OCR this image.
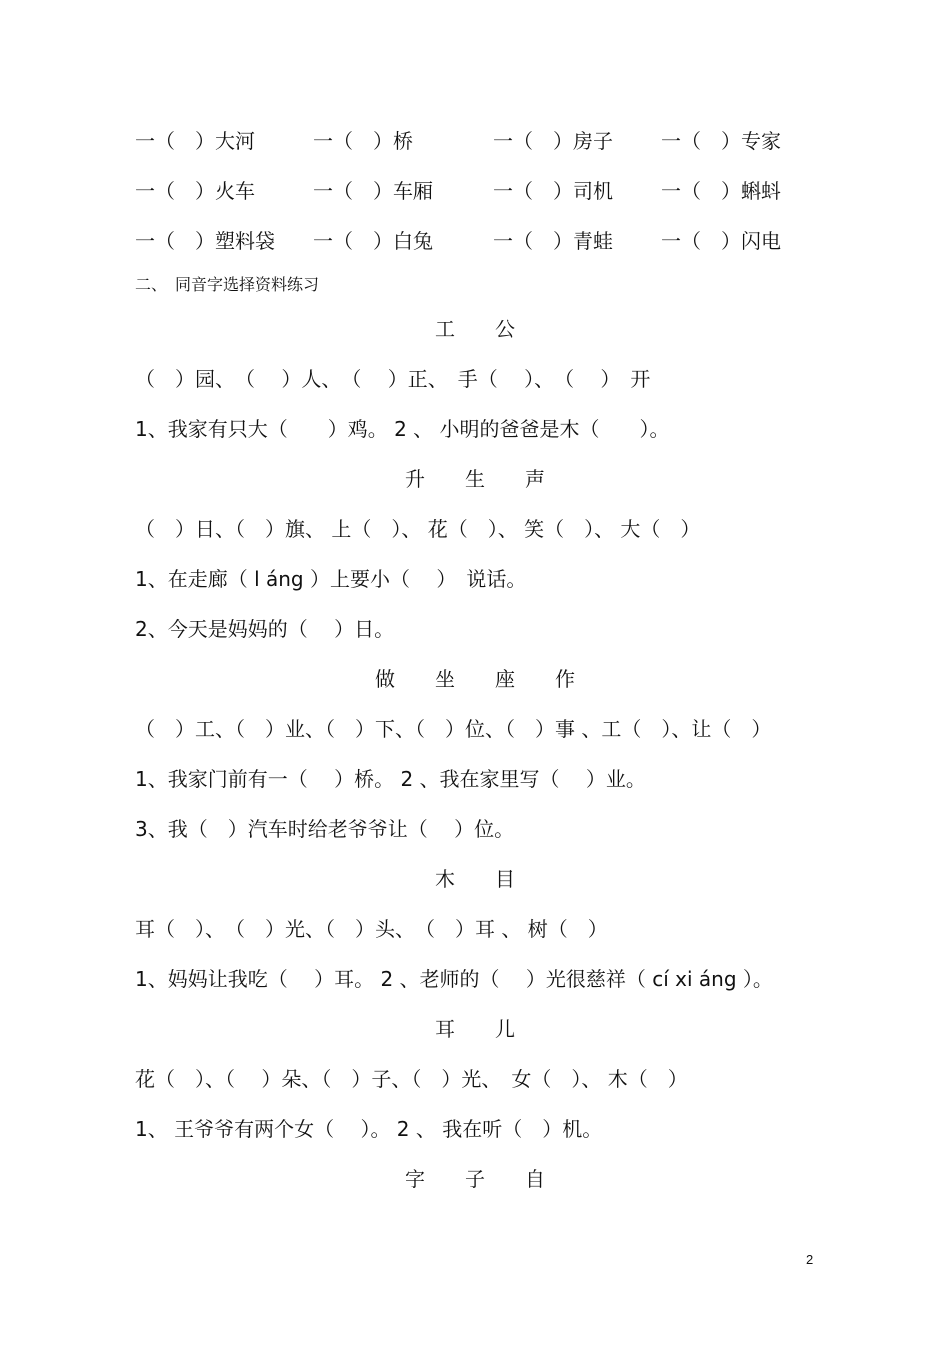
一（　）大河	一（　）桥	一（　）房子 一（　）专家
一（　）火车	一（　）车厢	一（　）司机 一（　）蝌蚪
一（　）塑料袋 一（　）白兔	一（　）青蛙 一（　）闪电
二、　同音字选择资料练习
工　　公
（　）园、　（　 ）人、　（　 ）正、　手（　 ）、　（　 ）　开
1、我家有只大（　　）鸡。 2 、 小明的爸爸是木（　　）。
升　　生　　声
（　）日、（　）旗、 上（　）、 花（　）、 笑（　）、 大（　）
1、在走廊（ l áng ）上要小（　 ）　说话。
2、今天是妈妈的（　 ）日。
做　　坐　　座　　作
（　）工、（　）业、（　）下、（　）位、（　）事 、工（　）、让（　）
1、我家门前有一（　 ）桥。 2 、我在家里写（　 ）业。
3、我（　）汽车时给老爷爷让（　 ）位。
木　　目
耳（　）、　（　）光、（　）头、　（　）耳 、 树（　）
1、妈妈让我吃（　 ）耳。 2 、老师的（　 ）光很慈祥（ cí xi áng ）。
耳　　儿
花（　）、（　 ）朵、（　）子、（　）光、　女（　）、 木（　）
1、 王爷爷有两个女（　 ）。 2 、 我在听（　）机。
字　　子　　自
2
